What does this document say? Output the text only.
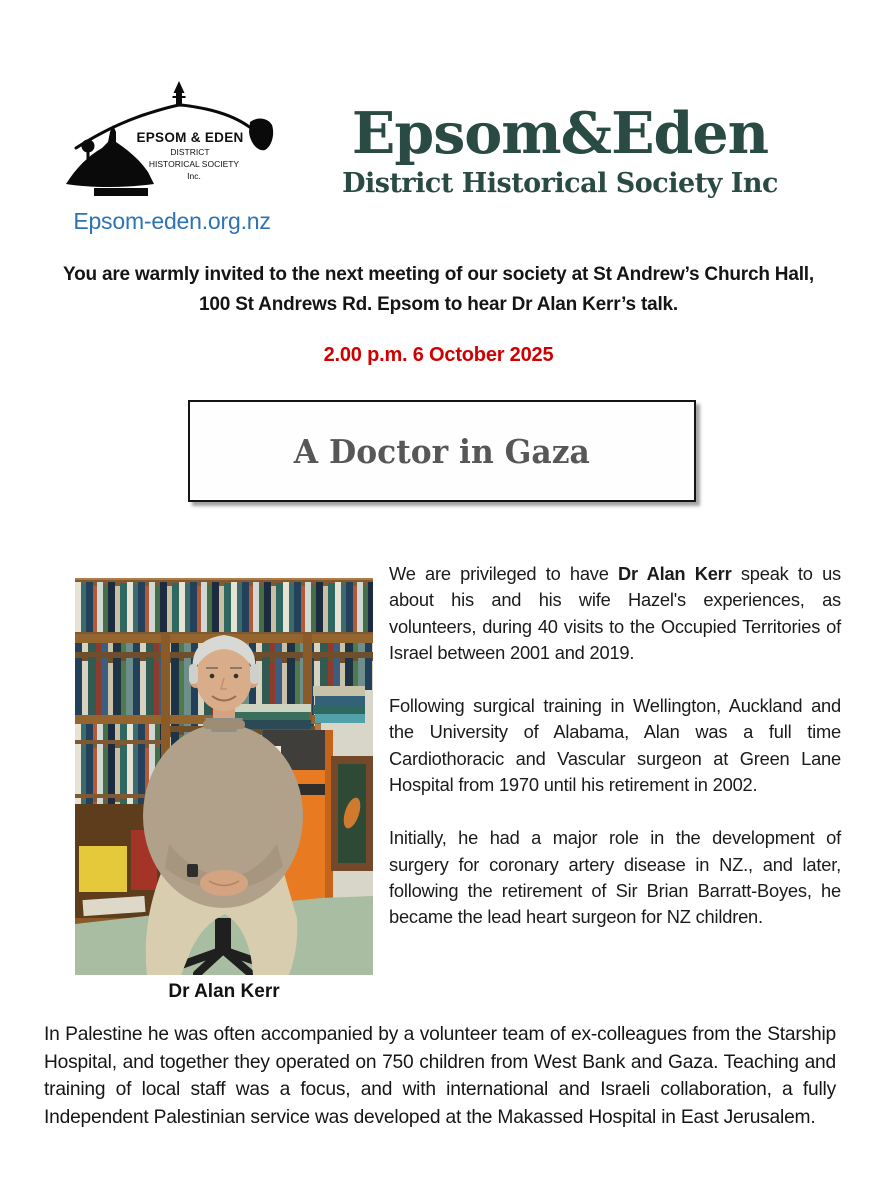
EPSOM & EDEN
DISTRICT
HISTORICAL SOCIETY
Inc.
Epsom-eden.org.nz
Epsom&Eden
District Historical Society Inc
You are warmly invited to the next meeting of our society at St Andrew’s Church Hall,
100 St Andrews Rd. Epsom to hear Dr Alan Kerr’s talk.
2.00 p.m. 6 October 2025
A Doctor in Gaza
Dr Alan Kerr

We are privileged to have Dr Alan Kerr speak to us about his and his wife Hazel's experiences, as volunteers, during 40 visits to the Occupied Territories of Israel between 2001 and 2019.

Following surgical training in Wellington, Auckland and the University of Alabama, Alan was a full time Cardiothoracic and Vascular surgeon at Green Lane Hospital from 1970 until his retirement in 2002.

Initially, he had a major role in the development of surgery for coronary artery disease in NZ., and later, following the retirement of Sir Brian Barratt-Boyes, he became the lead heart surgeon for NZ children.

In Palestine he was often accompanied by a volunteer team of ex-colleagues from the Starship Hospital, and together they operated on 750 children from West Bank and Gaza. Teaching and training of local staff was a focus, and with international and Israeli collaboration, a fully Independent Palestinian service was developed at the Makassed Hospital in East Jerusalem.
